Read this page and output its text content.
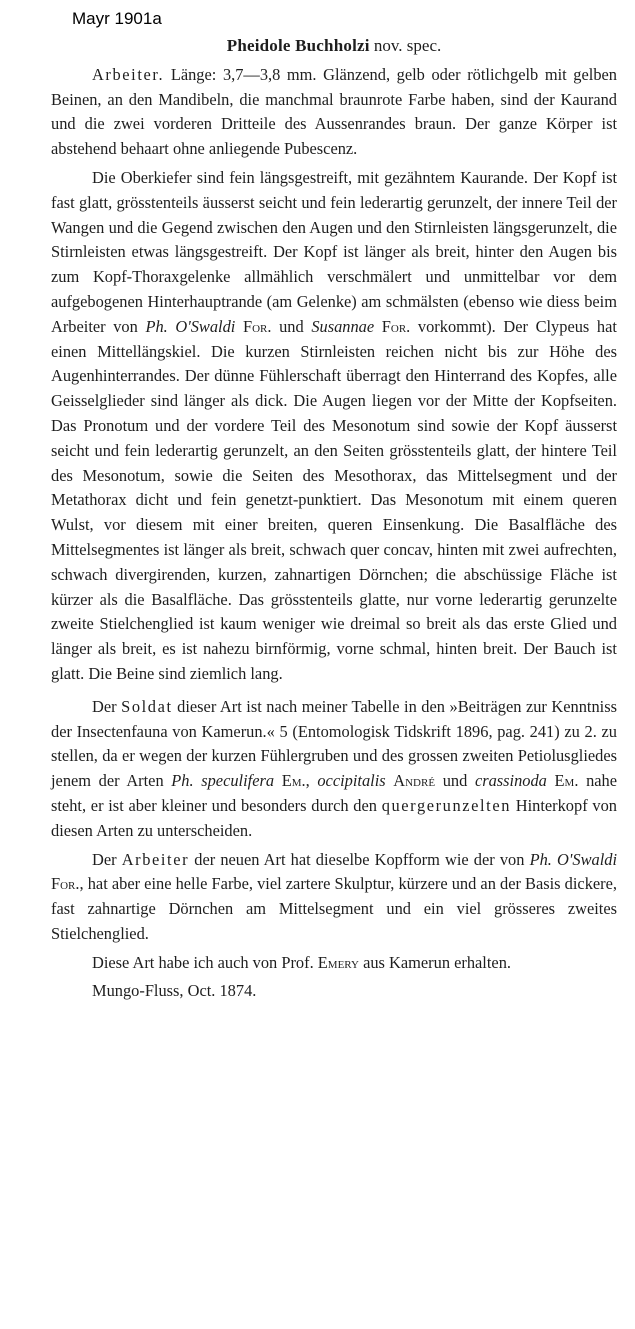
Mayr 1901a
Pheidole Buchholzi nov. spec.

Arbeiter. Länge: 3,7—3,8 mm. Glänzend, gelb oder rötlichgelb mit gelben Beinen, an den Mandibeln, die manchmal braunrote Farbe haben, sind der Kaurand und die zwei vorderen Dritteile des Aussenrandes braun. Der ganze Körper ist abstehend behaart ohne anliegende Pubescenz.

Die Oberkiefer sind fein längsgestreift, mit gezähntem Kaurande. Der Kopf ist fast glatt, grösstenteils äusserst seicht und fein lederartig gerunzelt, der innere Teil der Wangen und die Gegend zwischen den Augen und den Stirnleisten längsgerunzelt, die Stirnleisten etwas längsgestreift. Der Kopf ist länger als breit, hinter den Augen bis zum Kopf-Thoraxgelenke allmählich verschmälert und unmittelbar vor dem aufgebogenen Hinterhauptrande (am Gelenke) am schmälsten (ebenso wie diess beim Arbeiter von Ph. O'Swaldi For. und Susannae For. vorkommt). Der Clypeus hat einen Mittellängskiel. Die kurzen Stirnleisten reichen nicht bis zur Höhe des Augenhinterrandes. Der dünne Fühlerschaft überragt den Hinterrand des Kopfes, alle Geisselglieder sind länger als dick. Die Augen liegen vor der Mitte der Kopfseiten. Das Pronotum und der vordere Teil des Mesonotum sind sowie der Kopf äusserst seicht und fein lederartig gerunzelt, an den Seiten grösstenteils glatt, der hintere Teil des Mesonotum, sowie die Seiten des Mesothorax, das Mittelsegment und der Metathorax dicht und fein genetzt-punktiert. Das Mesonotum mit einem queren Wulst, vor diesem mit einer breiten, queren Einsenkung. Die Basalfläche des Mittelsegmentes ist länger als breit, schwach quer concav, hinten mit zwei aufrechten, schwach divergirenden, kurzen, zahnartigen Dörnchen; die abschüssige Fläche ist kürzer als die Basalfläche. Das grösstenteils glatte, nur vorne lederartig gerunzelte zweite Stielchenglied ist kaum weniger wie dreimal so breit als das erste Glied und länger als breit, es ist nahezu birnförmig, vorne schmal, hinten breit. Der Bauch ist glatt. Die Beine sind ziemlich lang.

Der Soldat dieser Art ist nach meiner Tabelle in den »Beiträgen zur Kenntniss der Insectenfauna von Kamerun.« 5 (Entomologisk Tidskrift 1896, pag. 241) zu 2. zu stellen, da er wegen der kurzen Fühlergruben und des grossen zweiten Petiolusgliedes jenem der Arten Ph. speculifera Em., occipitalis André und crassinoda Em. nahe steht, er ist aber kleiner und besonders durch den quergerunzelten Hinterkopf von diesen Arten zu unterscheiden.

Der Arbeiter der neuen Art hat dieselbe Kopfform wie der von Ph. O'Swaldi For., hat aber eine helle Farbe, viel zartere Skulptur, kürzere und an der Basis dickere, fast zahnartige Dörnchen am Mittelsegment und ein viel grösseres zweites Stielchenglied.

Diese Art habe ich auch von Prof. Emery aus Kamerun erhalten.

Mungo-Fluss, Oct. 1874.
